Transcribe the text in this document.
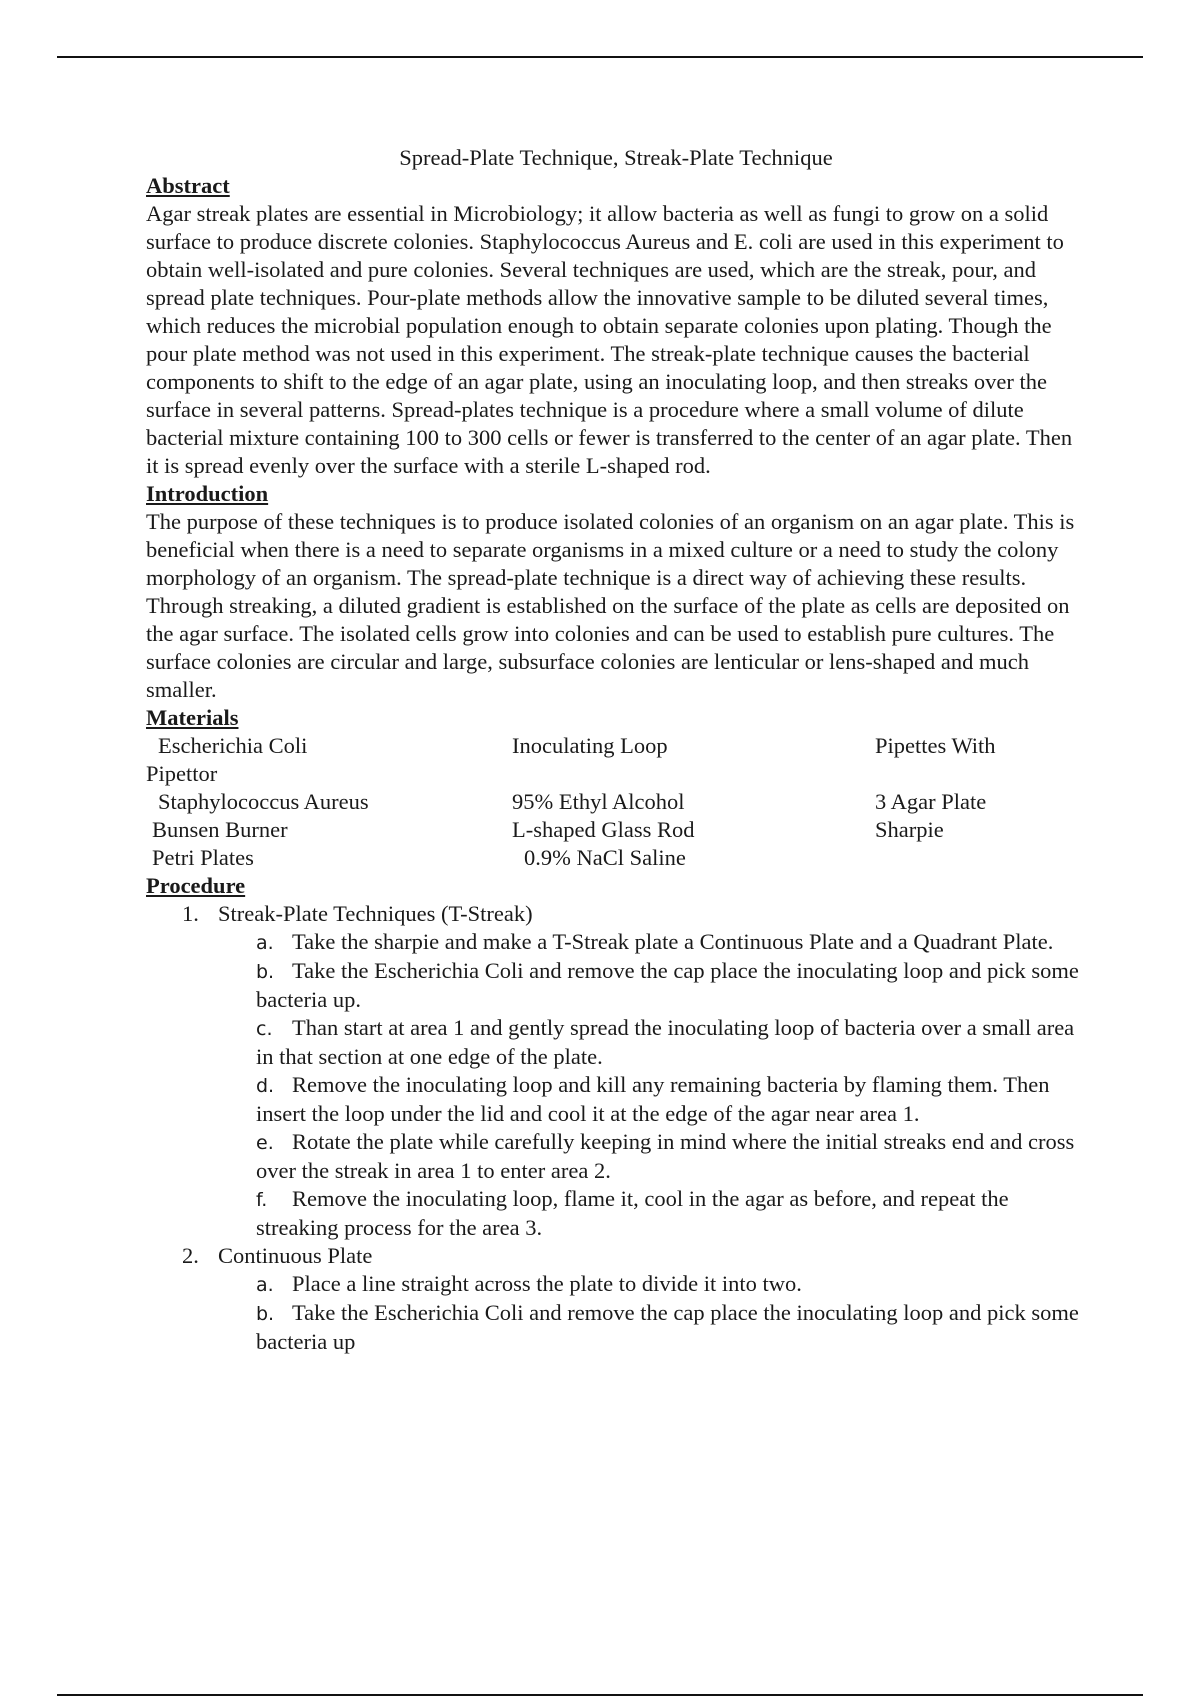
Spread-Plate Technique, Streak-Plate Technique

Abstract

Agar streak plates are essential in Microbiology; it allow bacteria as well as fungi to grow on a solid surface to produce discrete colonies. Staphylococcus Aureus and E. coli are used in this experiment to obtain well-isolated and pure colonies. Several techniques are used, which are the streak, pour, and spread plate techniques. Pour-plate methods allow the innovative sample to be diluted several times, which reduces the microbial population enough to obtain separate colonies upon plating. Though the pour plate method was not used in this experiment. The streak-plate technique causes the bacterial components to shift to the edge of an agar plate, using an inoculating loop, and then streaks over the surface in several patterns. Spread-plates technique is a procedure where a small volume of dilute bacterial mixture containing 100 to 300 cells or fewer is transferred to the center of an agar plate. Then it is spread evenly over the surface with a sterile L-shaped rod.

Introduction

The purpose of these techniques is to produce isolated colonies of an organism on an agar plate. This is beneficial when there is a need to separate organisms in a mixed culture or a need to study the colony morphology of an organism. The spread-plate technique is a direct way of achieving these results. Through streaking, a diluted gradient is established on the surface of the plate as cells are deposited on the agar surface. The isolated cells grow into colonies and can be used to establish pure cultures. The surface colonies are circular and large, subsurface colonies are lenticular or lens-shaped and much smaller.

Materials

Escherichia Coli	Inoculating Loop	Pipettes With
Pipettor
Staphylococcus Aureus	95% Ethyl Alcohol	3 Agar Plate
Bunsen Burner	L-shaped Glass Rod	Sharpie
Petri Plates	0.9% NaCl Saline

Procedure

1. Streak-Plate Techniques (T-Streak)

a. Take the sharpie and make a T-Streak plate a Continuous Plate and a Quadrant Plate.

b. Take the Escherichia Coli and remove the cap place the inoculating loop and pick some bacteria up.

c. Than start at area 1 and gently spread the inoculating loop of bacteria over a small area in that section at one edge of the plate.

d. Remove the inoculating loop and kill any remaining bacteria by flaming them. Then insert the loop under the lid and cool it at the edge of the agar near area 1.

e. Rotate the plate while carefully keeping in mind where the initial streaks end and cross over the streak in area 1 to enter area 2.

f. Remove the inoculating loop, flame it, cool in the agar as before, and repeat the streaking process for the area 3.

2. Continuous Plate

a. Place a line straight across the plate to divide it into two.

b. Take the Escherichia Coli and remove the cap place the inoculating loop and pick some bacteria up
